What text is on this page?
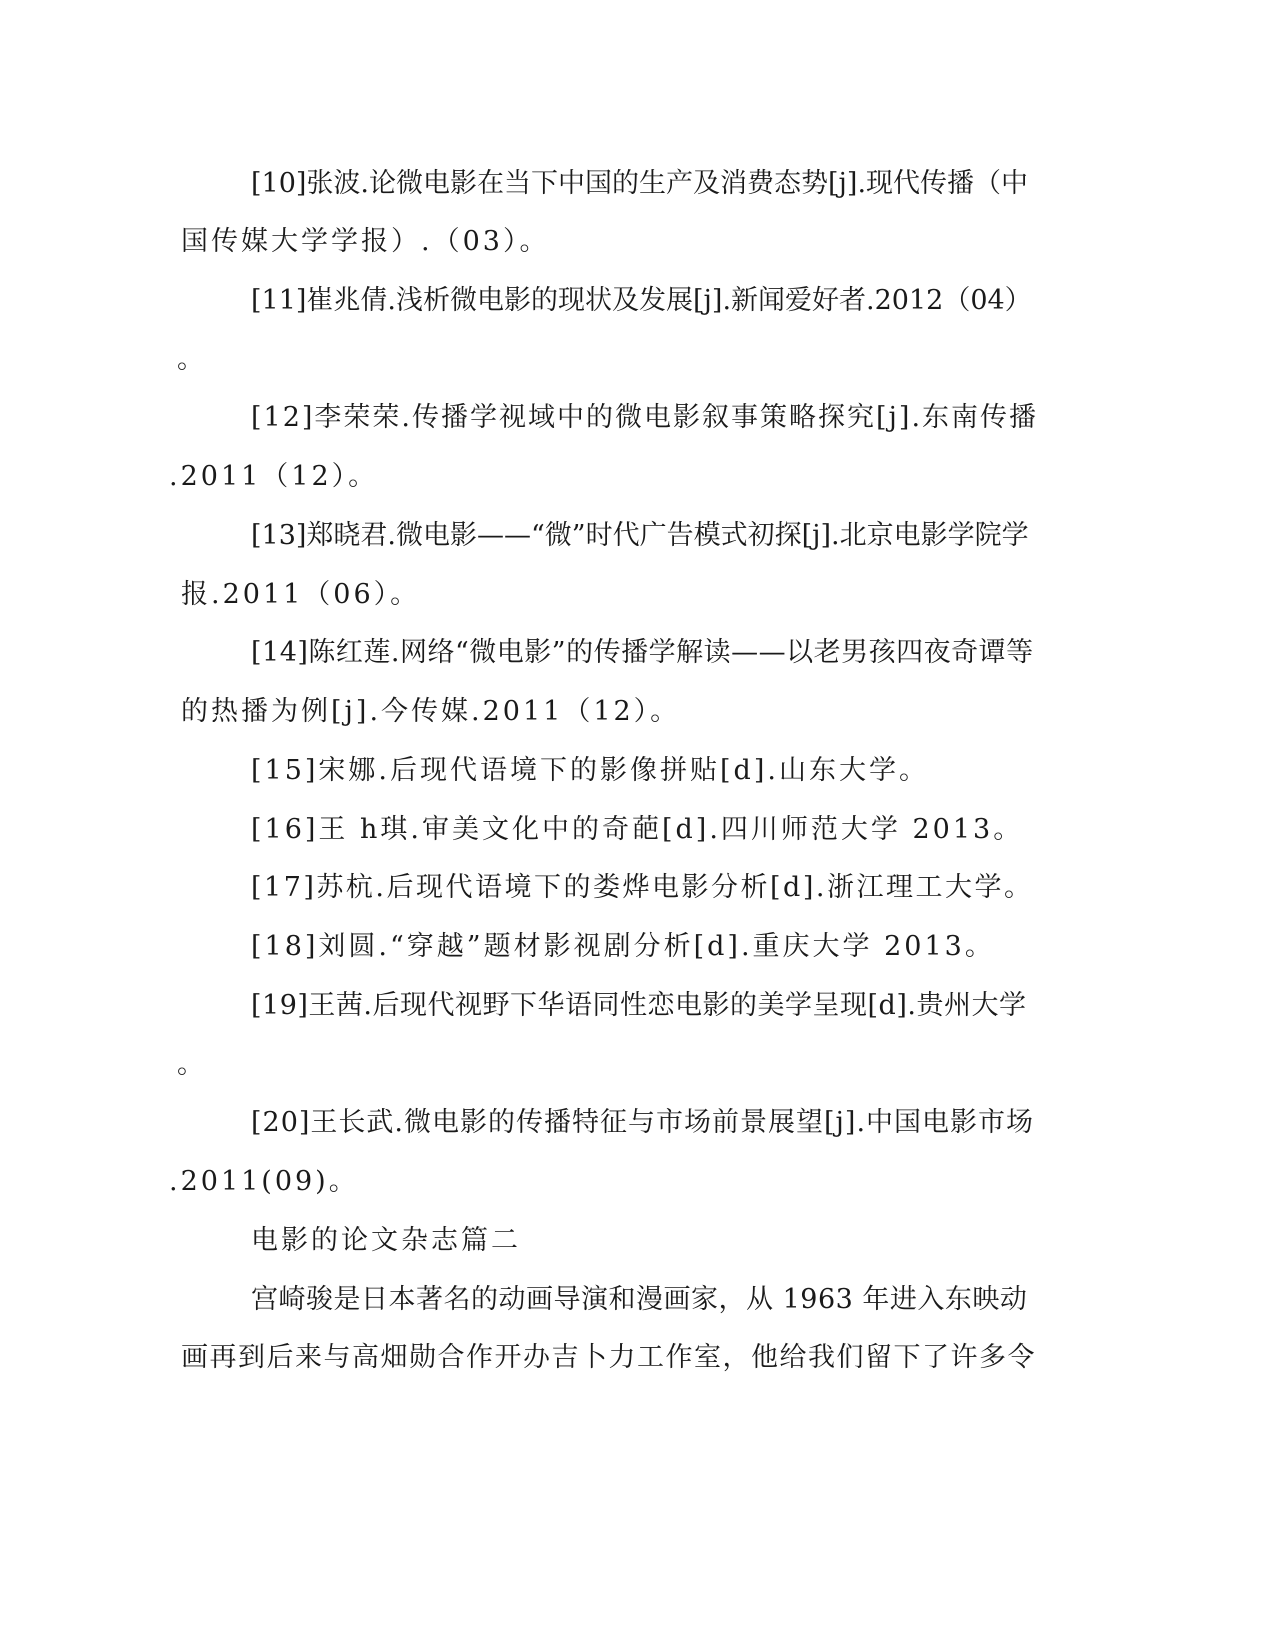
[10]张波.论微电影在当下中国的生产及消费态势[j].现代传播（中

国传媒大学学报）.（03）。

[11]崔兆倩.浅析微电影的现状及发展[j].新闻爱好者.2012（04）

。

[12]李荣荣.传播学视域中的微电影叙事策略探究[j].东南传播

.2011（12）。

[13]郑晓君.微电影——“微”时代广告模式初探[j].北京电影学院学

报.2011（06）。

[14]陈红莲.网络“微电影”的传播学解读——以老男孩四夜奇谭等

的热播为例[j].今传媒.2011（12）。

[15]宋娜.后现代语境下的影像拼贴[d].山东大学。

[16]王 h琪.审美文化中的奇葩[d].四川师范大学 2013。

[17]苏杭.后现代语境下的娄烨电影分析[d].浙江理工大学。

[18]刘圆.“穿越”题材影视剧分析[d].重庆大学 2013。

[19]王茜.后现代视野下华语同性恋电影的美学呈现[d].贵州大学

。

[20]王长武.微电影的传播特征与市场前景展望[j].中国电影市场

.2011(09)。

电影的论文杂志篇二

宫崎骏是日本著名的动画导演和漫画家，从 1963 年进入东映动

画再到后来与高畑勋合作开办吉卜力工作室，他给我们留下了许多令
